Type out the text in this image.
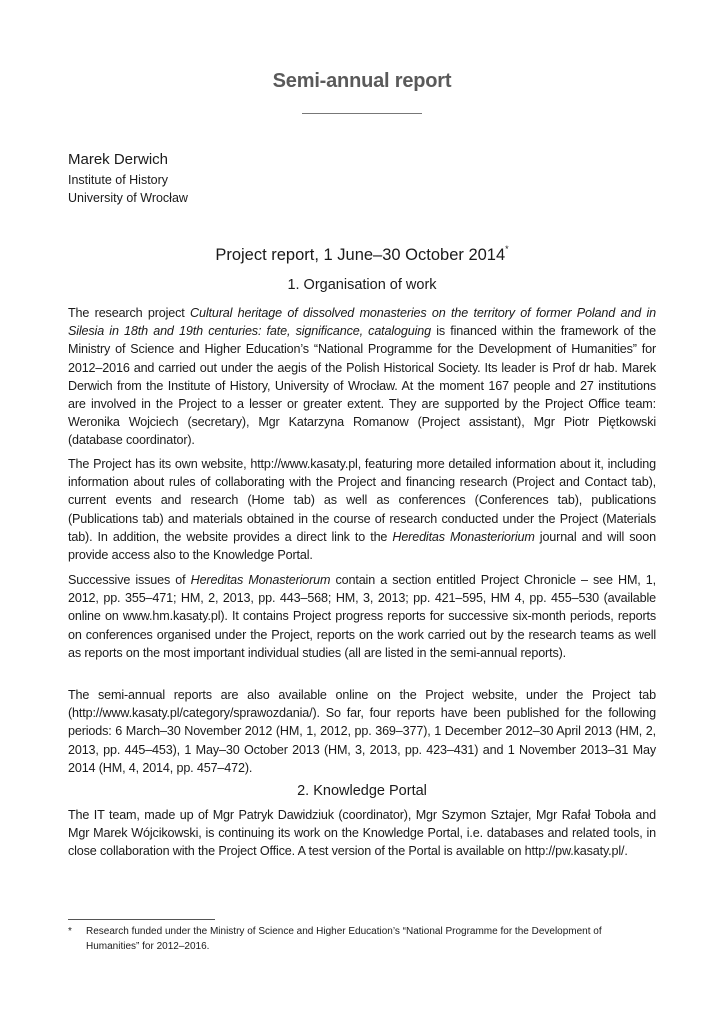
Semi-annual report
Marek Derwich
Institute of History
University of Wrocław
Project report, 1 June–30 October 2014*
1. Organisation of work
The research project Cultural heritage of dissolved monasteries on the territory of former Poland and in Silesia in 18th and 19th centuries: fate, significance, cataloguing is financed within the framework of the Ministry of Science and Higher Education’s “National Programme for the Development of Humanities” for 2012–2016 and carried out under the aegis of the Polish Historical Society. Its leader is Prof dr hab. Marek Derwich from the Institute of History, University of Wrocław. At the moment 167 people and 27 institutions are involved in the Project to a lesser or greater extent. They are supported by the Project Office team: Weronika Wojciech (secretary), Mgr Katarzyna Romanow (Project assistant), Mgr Piotr Piętkowski (database coordinator).
The Project has its own website, http://www.kasaty.pl, featuring more detailed information about it, including information about rules of collaborating with the Project and financing research (Project and Contact tab), current events and research (Home tab) as well as conferences (Conferences tab), publications (Publications tab) and materials obtained in the course of research conducted under the Project (Materials tab). In addition, the website provides a direct link to the Hereditas Monasteriorium journal and will soon provide access also to the Knowledge Portal.
Successive issues of Hereditas Monasteriorum contain a section entitled Project Chronicle – see HM, 1, 2012, pp. 355–471; HM, 2, 2013, pp. 443–568; HM, 3, 2013; pp. 421–595, HM 4, pp. 455–530 (available online on www.hm.kasaty.pl). It contains Project progress reports for successive six-month periods, reports on conferences organised under the Project, reports on the work carried out by the research teams as well as reports on the most important individual studies (all are listed in the semi-annual reports).
The semi-annual reports are also available online on the Project website, under the Project tab (http://www.kasaty.pl/category/sprawozdania/). So far, four reports have been published for the following periods: 6 March–30 November 2012 (HM, 1, 2012, pp. 369–377), 1 December 2012–30 April 2013 (HM, 2, 2013, pp. 445–453), 1 May–30 October 2013 (HM, 3, 2013, pp. 423–431) and 1 November 2013–31 May 2014 (HM, 4, 2014, pp. 457–472).
2. Knowledge Portal
The IT team, made up of Mgr Patryk Dawidziuk (coordinator), Mgr Szymon Sztajer, Mgr Rafał Toboła and Mgr Marek Wójcikowski, is continuing its work on the Knowledge Portal, i.e. databases and related tools, in close collaboration with the Project Office. A test version of the Portal is available on http://pw.kasaty.pl/.
* Research funded under the Ministry of Science and Higher Education’s “National Programme for the Development of Humanities” for 2012–2016.
